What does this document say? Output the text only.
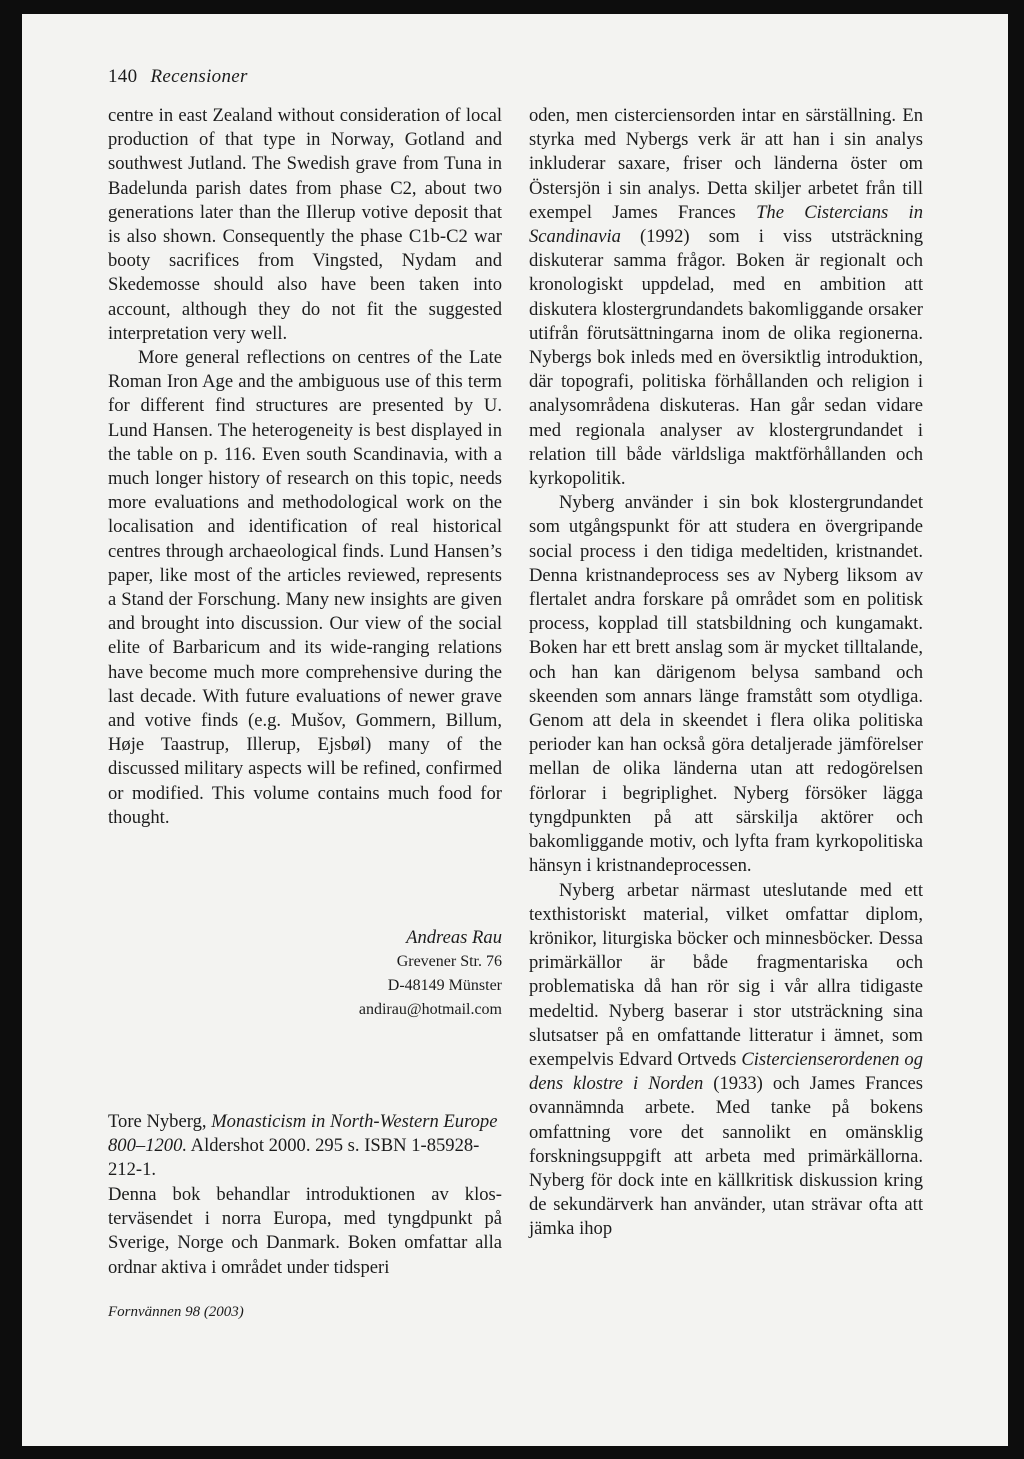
140 Recensioner

centre in east Zealand without consideration of local production of that type in Norway, Gotland and southwest Jutland. The Swedish grave from Tuna in Badelunda parish dates from phase C2, about two generations later than the Illerup votive deposit that is also shown. Consequently the phase C1b-C2 war booty sacrifices from Vingsted, Nydam and Skedemosse should also have been taken into account, although they do not fit the suggested interpretation very well.

More general reflections on centres of the Late Roman Iron Age and the ambiguous use of this term for different find structures are presented by U. Lund Hansen. The heterogeneity is best displayed in the table on p. 116. Even south Scandinavia, with a much longer history of research on this topic, needs more evaluations and methodological work on the localisation and identification of real historical centres through archaeological finds. Lund Hansen’s paper, like most of the articles reviewed, represents a Stand der Forschung. Many new insights are given and brought into discussion. Our view of the social elite of Barbaricum and its wide-ranging relations have become much more comprehensive during the last decade. With future evaluations of newer grave and votive finds (e.g. Mušov, Gommern, Billum, Høje Taastrup, Illerup, Ejsbøl) many of the discussed military aspects will be refined, confirmed or modified. This volume contains much food for thought.

Andreas Rau
Grevener Str. 76
D-48149 Münster
andirau@hotmail.com
Tore Nyberg, Monasticism in North-Western Europe 800–1200. Aldershot 2000. 295 s. ISBN 1-85928-212-1.

Denna bok behandlar introduktionen av klosterväsendet i norra Europa, med tyngdpunkt på Sverige, Norge och Danmark. Boken omfattar alla ordnar aktiva i området under tidsperi

oden, men cisterciensorden intar en särställning. En styrka med Nybergs verk är att han i sin analys inkluderar saxare, friser och länderna öster om Östersjön i sin analys. Detta skiljer arbetet från till exempel James Frances The Cistercians in Scandinavia (1992) som i viss utsträckning diskuterar samma frågor. Boken är regionalt och kronologiskt uppdelad, med en ambition att diskutera klostergrundandets bakomliggande orsaker utifrån förutsättningarna inom de olika regionerna. Nybergs bok inleds med en översiktlig introduktion, där topografi, politiska förhållanden och religion i analysområdena diskuteras. Han går sedan vidare med regionala analyser av klostergrundandet i relation till både världsliga maktförhållanden och kyrkopolitik.

Nyberg använder i sin bok klostergrundandet som utgångspunkt för att studera en övergripande social process i den tidiga medeltiden, kristnandet. Denna kristnandeprocess ses av Nyberg liksom av flertalet andra forskare på området som en politisk process, kopplad till statsbildning och kungamakt. Boken har ett brett anslag som är mycket tilltalande, och han kan därigenom belysa samband och skeenden som annars länge framstått som otydliga. Genom att dela in skeendet i flera olika politiska perioder kan han också göra detaljerade jämförelser mellan de olika länderna utan att redogörelsen förlorar i begriplighet. Nyberg försöker lägga tyngdpunkten på att särskilja aktörer och bakomliggande motiv, och lyfta fram kyrkopolitiska hänsyn i kristnandeprocessen.

Nyberg arbetar närmast uteslutande med ett texthistoriskt material, vilket omfattar diplom, krönikor, liturgiska böcker och minnesböcker. Dessa primärkällor är både fragmentariska och problematiska då han rör sig i vår allra tidigaste medeltid. Nyberg baserar i stor utsträckning sina slutsatser på en omfattande litteratur i ämnet, som exempelvis Edvard Ortveds Cistercienserordenen og dens klostre i Norden (1933) och James Frances ovannämnda arbete. Med tanke på bokens omfattning vore det sannolikt en omänsklig forskningsuppgift att arbeta med primärkällorna. Nyberg för dock inte en källkritisk diskussion kring de sekundärverk han använder, utan strävar ofta att jämka ihop

Fornvännen 98 (2003)
